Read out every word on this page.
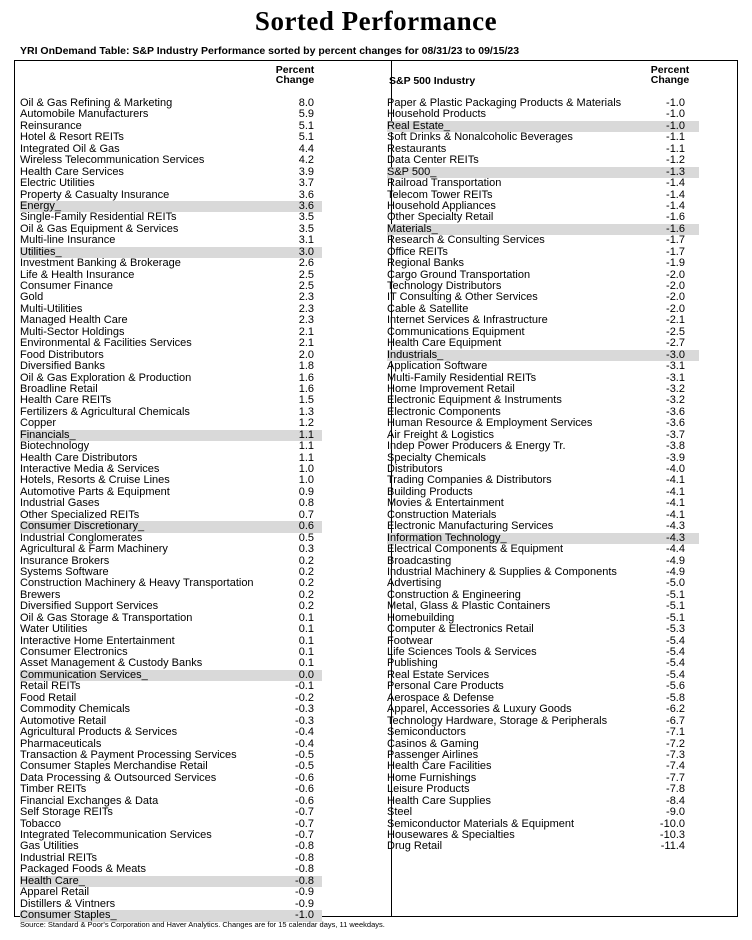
Sorted Performance
YRI OnDemand Table: S&P Industry Performance sorted by percent changes for 08/31/23 to 09/15/23
Percent
Change
Oil & Gas Refining & Marketing	8.0
Automobile Manufacturers	5.9
Reinsurance	5.1
Hotel & Resort REITs	5.1
Integrated Oil & Gas	4.4
Wireless Telecommunication Services	4.2
Health Care Services	3.9
Electric Utilities	3.7
Property & Casualty Insurance	3.6
Energy_	3.6
Single-Family Residential REITs	3.5
Oil & Gas Equipment & Services	3.5
Multi-line Insurance	3.1
Utilities_	3.0
Investment Banking & Brokerage	2.6
Life & Health Insurance	2.5
Consumer Finance	2.5
Gold	2.3
Multi-Utilities	2.3
Managed Health Care	2.3
Multi-Sector Holdings	2.1
Environmental & Facilities Services	2.1
Food Distributors	2.0
Diversified Banks	1.8
Oil & Gas Exploration & Production	1.6
Broadline Retail	1.6
Health Care REITs	1.5
Fertilizers & Agricultural Chemicals	1.3
Copper	1.2
Financials_	1.1
Biotechnology	1.1
Health Care Distributors	1.1
Interactive Media & Services	1.0
Hotels, Resorts & Cruise Lines	1.0
Automotive Parts & Equipment	0.9
Industrial Gases	0.8
Other Specialized REITs	0.7
Consumer Discretionary_	0.6
Industrial Conglomerates	0.5
Agricultural & Farm Machinery	0.3
Insurance Brokers	0.2
Systems Software	0.2
Construction Machinery & Heavy Transportation	0.2
Brewers	0.2
Diversified Support Services	0.2
Oil & Gas Storage & Transportation	0.1
Water Utilities	0.1
Interactive Home Entertainment	0.1
Consumer Electronics	0.1
Asset Management & Custody Banks	0.1
Communication Services_	0.0
Retail REITs	-0.1
Food Retail	-0.2
Commodity Chemicals	-0.3
Automotive Retail	-0.3
Agricultural Products & Services	-0.4
Pharmaceuticals	-0.4
Transaction & Payment Processing Services	-0.5
Consumer Staples Merchandise Retail	-0.5
Data Processing & Outsourced Services	-0.6
Timber REITs	-0.6
Financial Exchanges & Data	-0.6
Self Storage REITs	-0.7
Tobacco	-0.7
Integrated Telecommunication Services	-0.7
Gas Utilities	-0.8
Industrial REITs	-0.8
Packaged Foods & Meats	-0.8
Health Care_	-0.8
Apparel Retail	-0.9
Distillers & Vintners	-0.9
Consumer Staples_	-1.0
S&P 500 Industry
Percent
Change
Paper & Plastic Packaging Products & Materials	-1.0
Household Products	-1.0
Real Estate_	-1.0
Soft Drinks & Nonalcoholic Beverages	-1.1
Restaurants	-1.1
Data Center REITs	-1.2
S&P 500_	-1.3
Railroad Transportation	-1.4
Telecom Tower REITs	-1.4
Household Appliances	-1.4
Other Specialty Retail	-1.6
Materials_	-1.6
Research & Consulting Services	-1.7
Office REITs	-1.7
Regional Banks	-1.9
Cargo Ground Transportation	-2.0
Technology Distributors	-2.0
IT Consulting & Other Services	-2.0
Cable & Satellite	-2.0
Internet Services & Infrastructure	-2.1
Communications Equipment	-2.5
Health Care Equipment	-2.7
Industrials_	-3.0
Application Software	-3.1
Multi-Family Residential REITs	-3.1
Home Improvement Retail	-3.2
Electronic Equipment & Instruments	-3.2
Electronic Components	-3.6
Human Resource & Employment Services	-3.6
Air Freight & Logistics	-3.7
Indep Power Producers & Energy Tr.	-3.8
Specialty Chemicals	-3.9
Distributors	-4.0
Trading Companies & Distributors	-4.1
Building Products	-4.1
Movies & Entertainment	-4.1
Construction Materials	-4.1
Electronic Manufacturing Services	-4.3
Information Technology_	-4.3
Electrical Components & Equipment	-4.4
Broadcasting	-4.9
Industrial Machinery & Supplies & Components	-4.9
Advertising	-5.0
Construction & Engineering	-5.1
Metal, Glass & Plastic Containers	-5.1
Homebuilding	-5.1
Computer & Electronics Retail	-5.3
Footwear	-5.4
Life Sciences Tools & Services	-5.4
Publishing	-5.4
Real Estate Services	-5.4
Personal Care Products	-5.6
Aerospace & Defense	-5.8
Apparel, Accessories & Luxury Goods	-6.2
Technology Hardware, Storage & Peripherals	-6.7
Semiconductors	-7.1
Casinos & Gaming	-7.2
Passenger Airlines	-7.3
Health Care Facilities	-7.4
Home Furnishings	-7.7
Leisure Products	-7.8
Health Care Supplies	-8.4
Steel	-9.0
Semiconductor Materials & Equipment	-10.0
Housewares & Specialties	-10.3
Drug Retail	-11.4
Source: Standard & Poor's Corporation and Haver Analytics. Changes are for 15 calendar days, 11 weekdays.
